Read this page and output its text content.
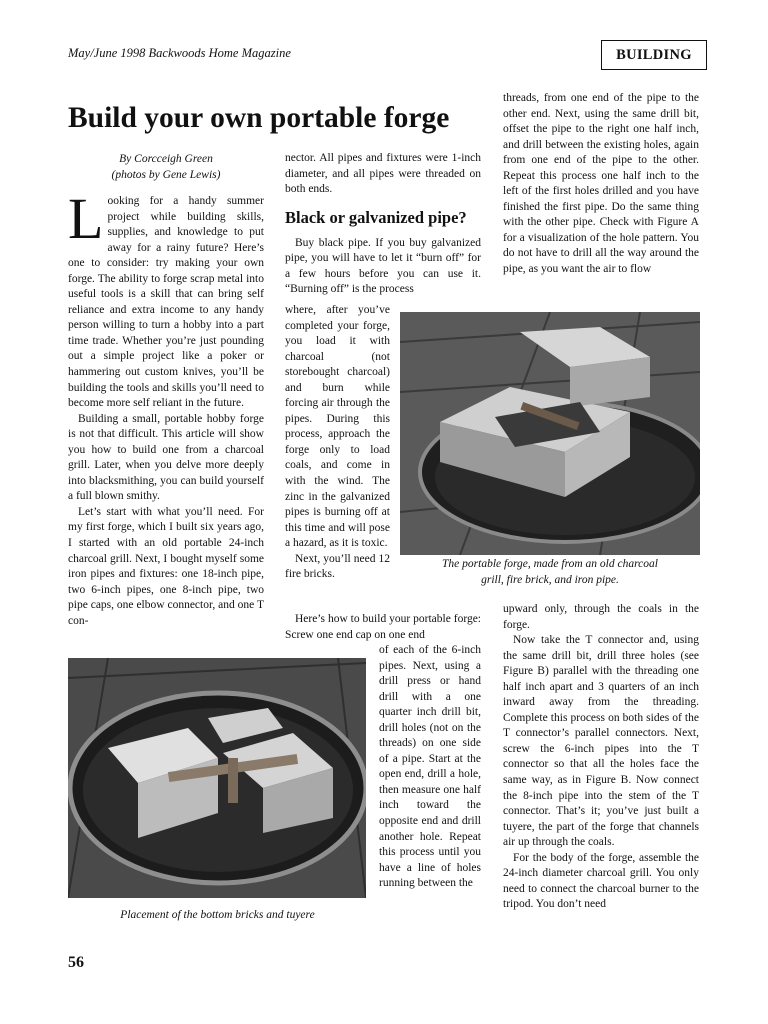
May/June 1998 Backwoods Home Magazine	BUILDING
Build your own portable forge
By Corcceigh Green
(photos by Gene Lewis)

Looking for a handy summer project while building skills, supplies, and knowledge to put away for a rainy future? Here’s one to consider: try making your own forge. The ability to forge scrap metal into useful tools is a skill that can bring self reliance and extra income to any handy person willing to turn a hobby into a part time trade. Whether you’re just pounding out a simple project like a poker or hammering out custom knives, you’ll be building the tools and skills you’ll need to become more self reliant in the future.

Building a small, portable hobby forge is not that difficult. This article will show you how to build one from a charcoal grill. Later, when you delve more deeply into blacksmithing, you can build yourself a full blown smithy.

Let’s start with what you’ll need. For my first forge, which I built six years ago, I started with an old portable 24-inch charcoal grill. Next, I bought myself some iron pipes and fixtures: one 18-inch pipe, two 6-inch pipes, one 8-inch pipe, two pipe caps, one elbow connector, and one T con-

nector. All pipes and fixtures were 1-inch diameter, and all pipes were threaded on both ends.

Black or galvanized pipe?

Buy black pipe. If you buy galvanized pipe, you will have to let it “burn off” for a few hours before you can use it. “Burning off” is the process

where, after you’ve completed your forge, you load it with charcoal (not storebought charcoal) and burn while forcing air through the pipes. During this process, approach the forge only to load coals, and come in with the wind. The zinc in the galvanized pipes is burning off at this time and will pose a hazard, as it is toxic.

Next, you’ll need 12 fire bricks.

Here’s how to build your portable forge: Screw one end cap on one end

of each of the 6-inch pipes. Next, using a drill press or hand drill with a one quarter inch drill bit, drill holes (not on the threads) on one side of a pipe. Start at the open end, drill a hole, then measure one half inch toward the opposite end and drill another hole. Repeat this process until you have a line of holes running between the

threads, from one end of the pipe to the other end. Next, using the same drill bit, offset the pipe to the right one half inch, and drill between the existing holes, again from one end of the pipe to the other. Repeat this process one half inch to the left of the first holes drilled and you have finished the first pipe. Do the same thing with the other pipe. Check with Figure A for a visualization of the hole pattern. You do not have to drill all the way around the pipe, as you want the air to flow

upward only, through the coals in the forge.

Now take the T connector and, using the same drill bit, drill three holes (see Figure B) parallel with the threading one half inch apart and 3 quarters of an inch inward away from the threading. Complete this process on both sides of the T connector’s parallel connectors. Next, screw the 6-inch pipes into the T connector so that all the holes face the same way, as in Figure B. Now connect the 8-inch pipe into the stem of the T connector. That’s it; you’ve just built a tuyere, the part of the forge that channels air up through the coals.

For the body of the forge, assemble the 24-inch diameter charcoal grill. You only need to connect the charcoal burner to the tripod. You don’t need

The portable forge, made from an old charcoal grill, fire brick, and iron pipe.
Placement of the bottom bricks and tuyere
56
